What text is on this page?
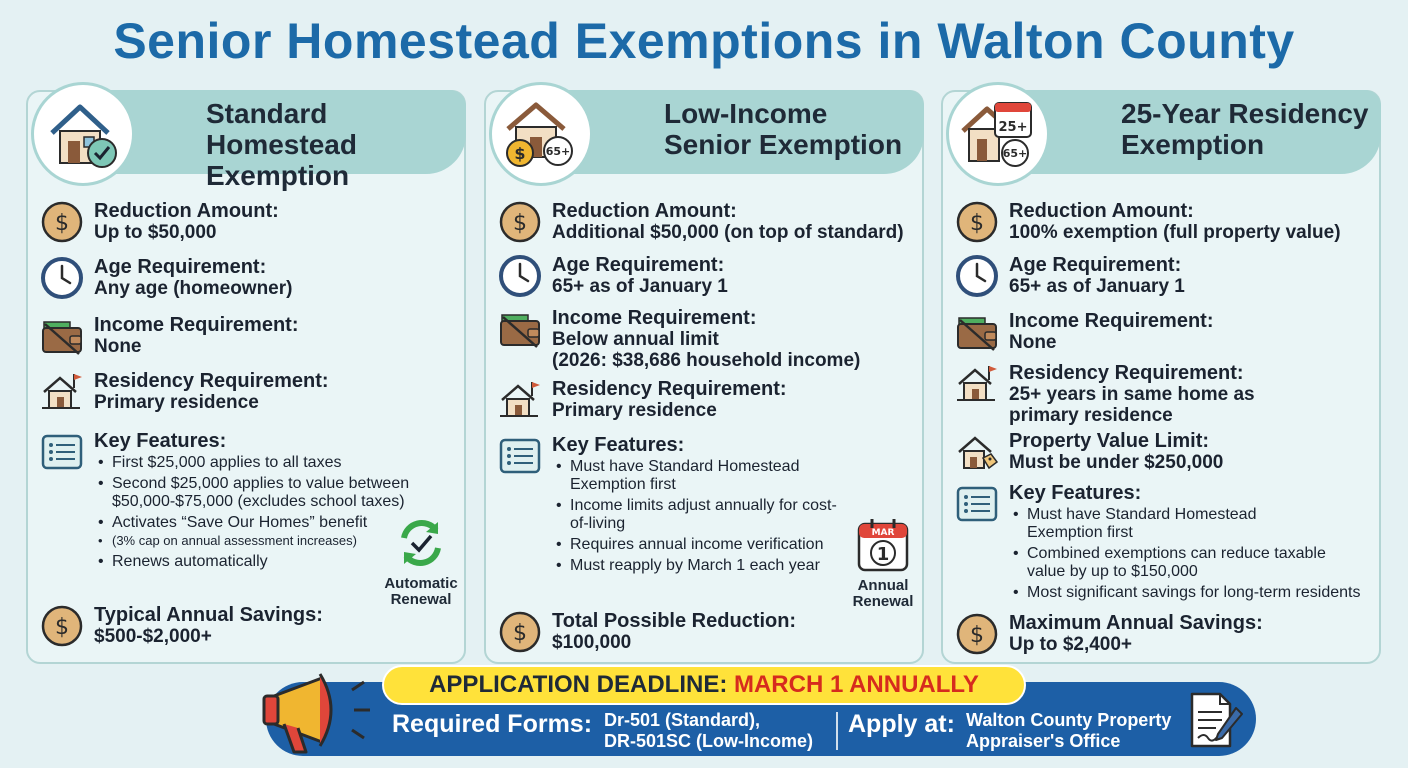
Senior Homestead Exemptions in Walton County
Standard Homestead Exemption
Reduction Amount:
Up to $50,000
Age Requirement:
Any age (homeowner)
Income Requirement:
None
Residency Requirement:
Primary residence
Key Features:
• First $25,000 applies to all taxes
• Second $25,000 applies to value between $50,000-$75,000 (excludes school taxes)
• Activates “Save Our Homes” benefit
• (3% cap on annual assessment increases)
• Renews automatically
Automatic Renewal
Typical Annual Savings:
$500-$2,000+
Low-Income Senior Exemption
$ 65+
Reduction Amount:
Additional $50,000 (on top of standard)
Age Requirement:
65+ as of January 1
Income Requirement:
Below annual limit
(2026: $38,686 household income)
Residency Requirement:
Primary residence
Key Features:
• Must have Standard Homestead Exemption first
• Income limits adjust annually for cost-of-living
• Requires annual income verification
• Must reapply by March 1 each year
MAR
1
Annual Renewal
Total Possible Reduction:
$100,000
25-Year Residency Exemption
25+
65+
Reduction Amount:
100% exemption (full property value)
Age Requirement:
65+ as of January 1
Income Requirement:
None
Residency Requirement:
25+ years in same home as primary residence
Property Value Limit:
Must be under $250,000
Key Features:
• Must have Standard Homestead Exemption first
• Combined exemptions can reduce taxable value by up to $150,000
• Most significant savings for long-term residents
Maximum Annual Savings:
Up to $2,400+
APPLICATION DEADLINE: MARCH 1 ANNUALLY
Required Forms: Dr-501 (Standard),
DR-501SC (Low-Income)
Apply at: Walton County Property
Appraiser's Office
